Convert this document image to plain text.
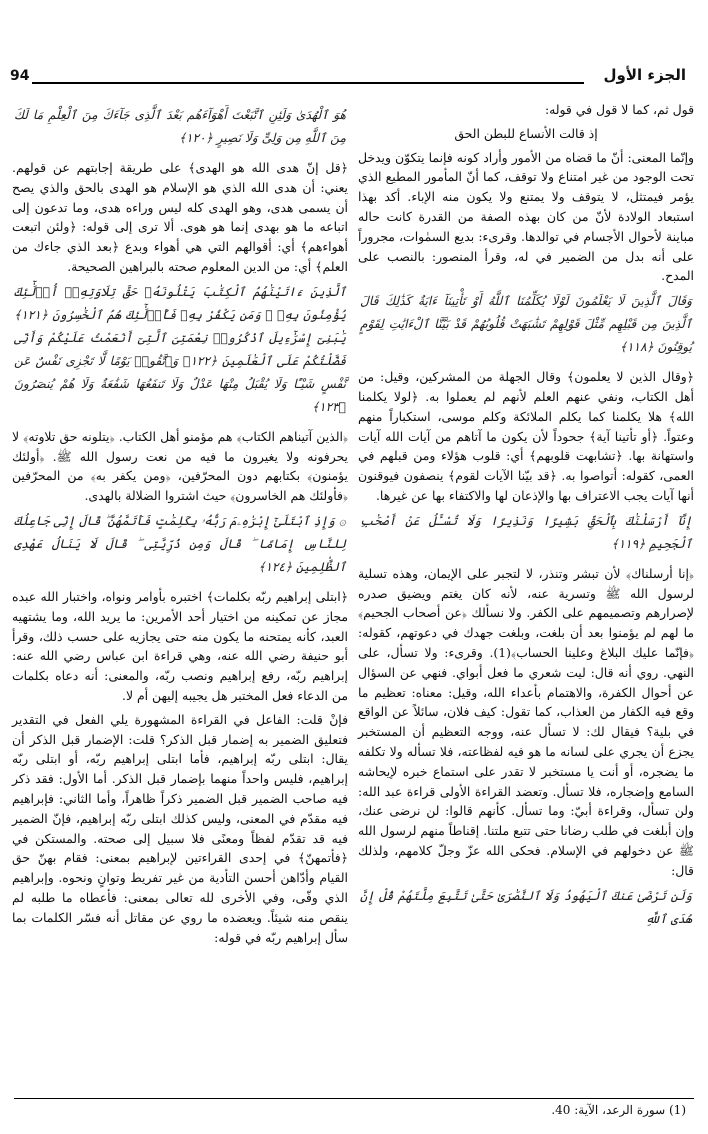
الجزء الأول
94

قول ثم، كما لا قول في قوله:

إذ قالت الأنساع للبطن الحق

وإنّما المعنى: أنّ ما قضاه من الأمور وأراد كونه فإنما يتكوّن ويدخل تحت الوجود من غير امتناع ولا توقف، كما أنّ المأمور المطيع الذي يؤمر فيمتثل، لا يتوقف ولا يمتنع ولا يكون منه الإباء. أكد بهذا استبعاد الولادة لأنّ من كان بهذه الصفة من القدرة كانت حاله مباينة لأحوال الأجسام في توالدها. وقرىء: بديع السمٰوات، مجروراً على أنه بدل من الضمير في له، وقرأ المنصور: بالنصب على المدح.

وَقَالَ ٱلَّذِينَ لَا يَعْلَمُونَ لَوْلَا يُكَلِّمُنَا ٱللَّهُ أَوْ تَأْتِينَآ ءَايَةٌ كَذَٰلِكَ قَالَ ٱلَّذِينَ مِن قَبْلِهِم مِّثْلَ قَوْلِهِمْ تَشَٰبَهَتْ قُلُوبُهُمْ قَدْ بَيَّنَّا ٱلْءَايَٰتِ لِقَوْمٍ يُوقِنُونَ ﴿١١٨﴾

﴿وقال الذين لا يعلمون﴾ وقال الجهلة من المشركين، وقيل: من أهل الكتاب، ونفي عنهم العلم لأنهم لم يعملوا به. ﴿لولا يكلمنا الله﴾ هلا يكلمنا كما يكلم الملائكة وكلم موسى، استكباراً منهم وعتواً. ﴿أو تأتينا آية﴾ جحوداً لأن يكون ما آتاهم من آيات الله آيات واستهانة بها. ﴿تشابهت قلوبهم﴾ أي: قلوب هؤلاء ومن قبلهم في العمى، كقوله: أتواصوا به. ﴿قد بيّنا الآيات لقوم﴾ ينصفون فيوقنون أنها آيات يجب الاعتراف بها والإذعان لها والاكتفاء بها عن غيرها.

إِنَّآ أَرْسَلْنَٰكَ بِٱلْحَقِّ بَشِيرًا وَنَذِيرًا وَلَا تُسْـَٔلُ عَنْ أَصْحَٰبِ ٱلْجَحِيمِ ﴿١١٩﴾

﴿إنا أرسلناك﴾ لأن تبشر وتنذر، لا لتجبر على الإيمان، وهذه تسلية لرسول الله ﷺ وتسرية عنه، لأنه كان يغتم ويضيق صدره لإصرارهم وتصميمهم على الكفر. ولا نسألك ﴿عن أصحاب الجحيم﴾ ما لهم لم يؤمنوا بعد أن بلغت، وبلغت جهدك في دعوتهم، كقوله: ﴿فإنّما عليك البلاغ وعلينا الحساب﴾(1). وقرىء: ولا تسأل، على النهي. روي أنه قال: ليت شعري ما فعل أبواي. فنهي عن السؤال عن أحوال الكفرة، والاهتمام بأعداء الله، وقيل: معناه: تعظيم ما وقع فيه الكفار من العذاب، كما تقول: كيف فلان، سائلاً عن الواقع في بلية؟ فيقال لك: لا تسأل عنه، ووجه التعظيم أن المستخبر يجزع أن يجري على لسانه ما هو فيه لفظاعته، فلا تسأله ولا تكلفه ما يضجره، أو أنت يا مستخبر لا تقدر على استماع خبره لإيحاشه السامع وإضجاره، فلا تسأل. وتعضد القراءة الأولى قراءة عبد الله: ولن تسأل، وقراءة أبيّ: وما تسأل. كأنهم قالوا: لن نرضى عنك، وإن أبلغت في طلب رضانا حتى تتبع ملتنا. إقناطاً منهم لرسول الله ﷺ عن دخولهم في الإسلام. فحكى الله عزّ وجلّ كلامهم، ولذلك قال:

وَلَن تَرْضَىٰ عَنكَ ٱلْيَهُودُ وَلَا ٱلنَّصَٰرَىٰ حَتَّىٰ تَتَّبِعَ مِلَّتَهُمْ قُلْ إِنَّ هُدَى ٱللَّهِ
هُوَ ٱلْهُدَىٰ وَلَئِنِ ٱتَّبَعْتَ أَهْوَآءَهُم بَعْدَ ٱلَّذِى جَآءَكَ مِنَ ٱلْعِلْمِ مَا لَكَ مِنَ ٱللَّهِ مِن وَلِىٍّ وَلَا نَصِيرٍ ﴿١٢٠﴾

﴿قل إنّ هدى الله هو الهدى﴾ على طريقة إجابتهم عن قولهم. يعني: أن هدى الله الذي هو الإسلام هو الهدى بالحق والذي يصح أن يسمى هدى، وهو الهدى كله ليس وراءه هدى، وما تدعون إلى اتباعه ما هو بهدى إنما هو هوى. ألا ترى إلى قوله: ﴿ولئن اتبعت أهواءهم﴾ أي: أقوالهم التي هي أهواء وبدع ﴿بعد الذي جاءك من العلم﴾ أي: من الدين المعلوم صحته بالبراهين الصحيحة.

ٱلَّذِينَ ءَاتَيْنَٰهُمُ ٱلْكِتَٰبَ يَتْلُونَهُۥ حَقَّ تِلَاوَتِهِۦٓ أُو۟لَٰٓئِكَ يُؤْمِنُونَ بِهِۦ ۗ وَمَن يَكْفُرْ بِهِۦ فَأُو۟لَٰٓئِكَ هُمُ ٱلْخَٰسِرُونَ ﴿١٢١﴾ يَٰبَنِىٓ إِسْرَٰٓءِيلَ ٱذْكُرُوا۟ نِعْمَتِىَ ٱلَّتِىٓ أَنْعَمْتُ عَلَيْكُمْ وَأَنِّى فَضَّلْتُكُمْ عَلَى ٱلْعَٰلَمِينَ ﴿١٢٢﴾ وَٱتَّقُوا۟ يَوْمًا لَّا تَجْزِى نَفْسٌ عَن نَّفْسٍ شَيْـًٔا وَلَا يُقْبَلُ مِنْهَا عَدْلٌ وَلَا تَنفَعُهَا شَفَٰعَةٌ وَلَا هُمْ يُنصَرُونَ ﴿١٢٣﴾

﴿الذين آتيناهم الكتاب﴾ هم مؤمنو أهل الكتاب. ﴿يتلونه حق تلاوته﴾ لا يحرفونه ولا يغيرون ما فيه من نعت رسول الله ﷺ. ﴿أولئك يؤمنون﴾ بكتابهم دون المحرّفين، ﴿ومن يكفر به﴾ من المحرّفين ﴿فأولئك هم الخاسرون﴾ حيث اشتروا الضلالة بالهدى.

۞ وَإِذِ ٱبْتَلَىٰٓ إِبْرَٰهِۦمَ رَبُّهُۥ بِكَلِمَٰتٍ فَأَتَمَّهُنَّ ۖ قَالَ إِنِّى جَاعِلُكَ لِلنَّاسِ إِمَامًا ۖ قَالَ وَمِن ذُرِّيَّتِى ۖ قَالَ لَا يَنَالُ عَهْدِى ٱلظَّٰلِمِينَ ﴿١٢٤﴾

﴿ابتلى إبراهيم ربّه بكلمات﴾ اختبره بأوامر ونواه، واختبار الله عبده مجاز عن تمكينه من اختيار أحد الأمرين: ما يريد الله، وما يشتهيه العبد، كأنه يمتحنه ما يكون منه حتى يجازيه على حسب ذلك، وقرأ أبو حنيفة رضي الله عنه، وهي قراءة ابن عباس رضي الله عنه: إبراهيم ربّه، رفع إبراهيم ونصب ربّه، والمعنى: أنه دعاه بكلمات من الدعاء فعل المختبر هل يجيبه إليهن أم لا.

فإنْ قلت: الفاعل في القراءة المشهورة يلي الفعل في التقدير فتعليق الضمير به إضمار قبل الذكر؟ قلت: الإضمار قبل الذكر أن يقال: ابتلى ربّه إبراهيم، فأما ابتلى إبراهيم ربّه، أو ابتلى ربّه إبراهيم، فليس واحداً منهما بإضمار قبل الذكر. أما الأول: فقد ذكر فيه صاحب الضمير قبل الضمير ذكراً ظاهراً، وأما الثاني: فإبراهيم فيه مقدّم في المعنى، وليس كذلك ابتلى ربّه إبراهيم، فإنّ الضمير فيه قد تقدّم لفظاً ومعنًى فلا سبيل إلى صحته. والمستكن في ﴿فأتمهنّ﴾ في إحدى القراءتين لإبراهيم بمعنى: فقام بهنّ حق القيام وأدّاهن أحسن التأدية من غير تفريط وتوانٍ ونحوه. وإبراهيم الذي وفّى، وفي الأخرى لله تعالى بمعنى: فأعطاه ما طلبه لم ينقص منه شيئاً. ويعضده ما روي عن مقاتل أنه فسّر الكلمات بما سأل إبراهيم ربّه في قوله:

(1) سورة الرعد، الآية: 40.
